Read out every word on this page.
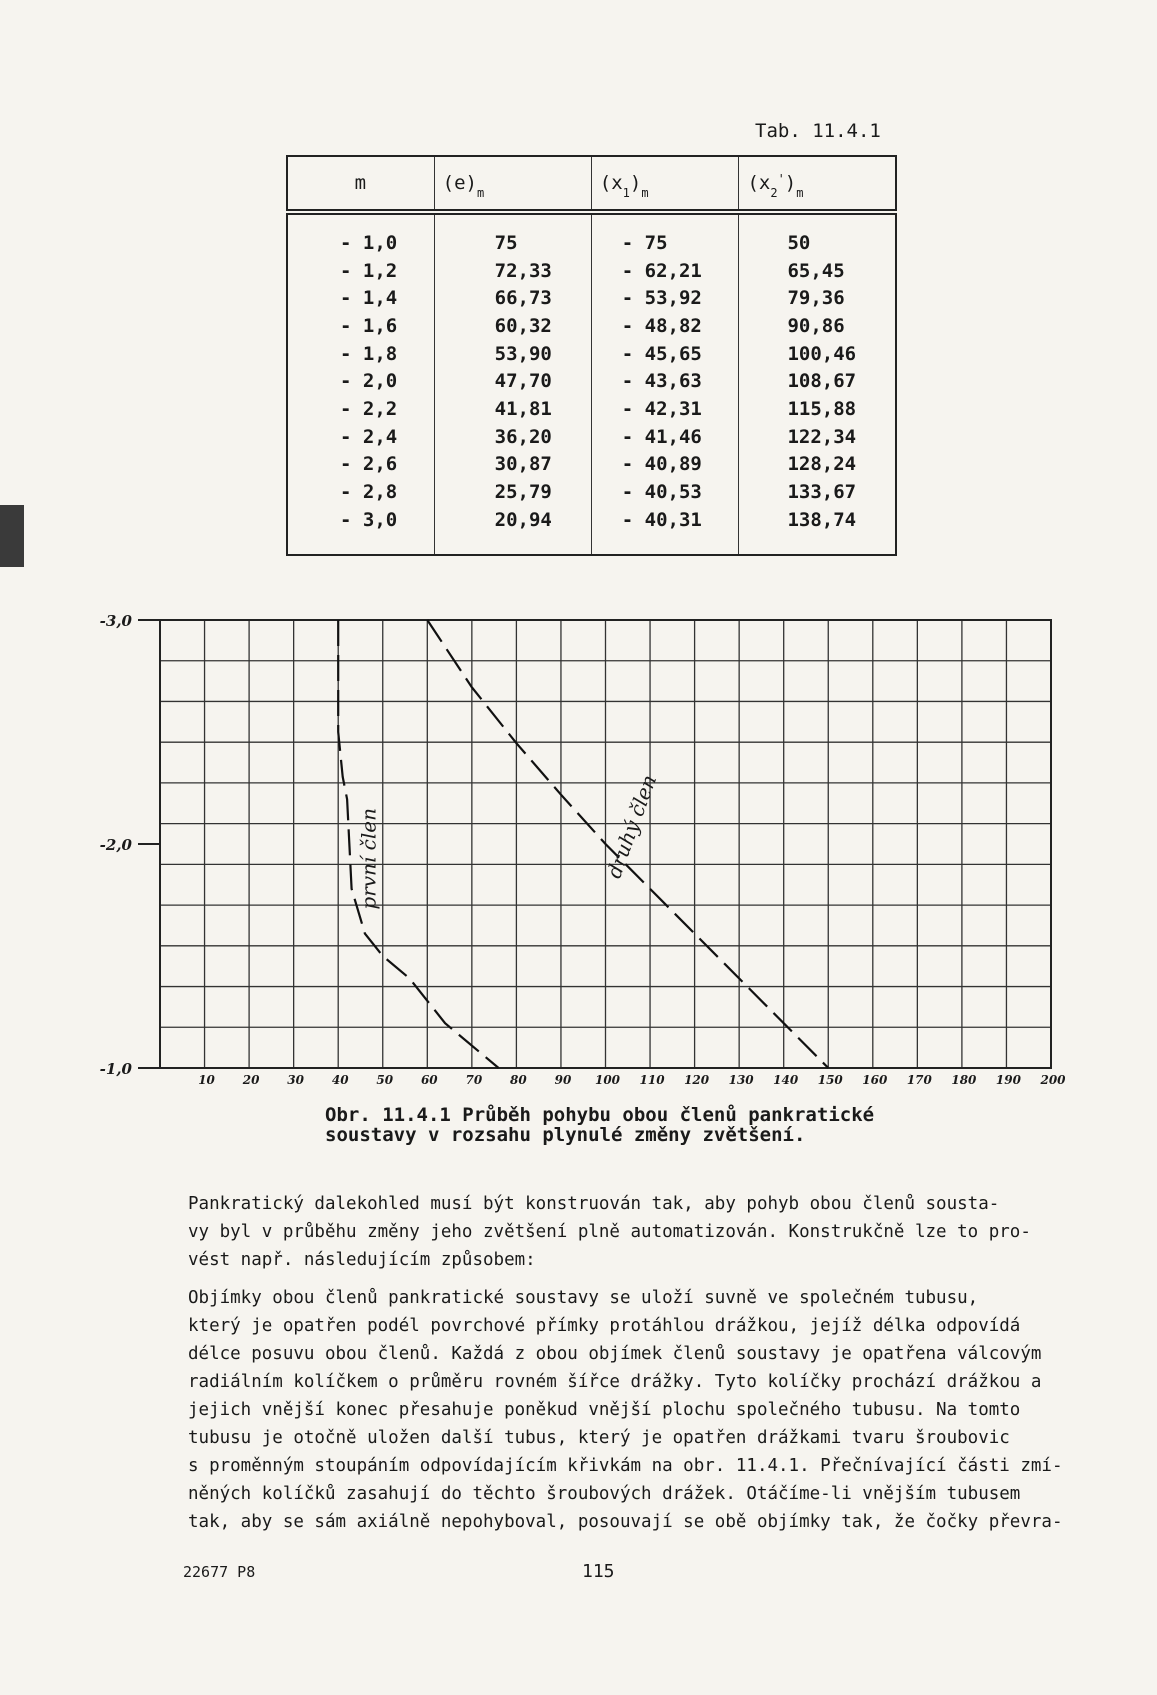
Tab. 11.4.1
m	$(e)_m$	$(x_1)_m$	$(x_2')_m$
- 1,0	75	- 75	50
- 1,2	72,33	- 62,21	65,45
- 1,4	66,73	- 53,92	79,36
- 1,6	60,32	- 48,82	90,86
- 1,8	53,90	- 45,65	100,46
- 2,0	47,70	- 43,63	108,67
- 2,2	41,81	- 42,31	115,88
- 2,4	36,20	- 41,46	122,34
- 2,6	30,87	- 40,89	128,24
- 2,8	25,79	- 40,53	133,67
- 3,0	20,94	- 40,31	138,74
-3,0
-2,0
-1,0
10 20 30 40 50 60 70 80 90 100 110 120 130 140 150 160 170 180 190 200
první člen	druhý člen
Obr. 11.4.1 Průběh pohybu obou členů pankratické
soustavy v rozsahu plynulé změny zvětšení.

Pankratický dalekohled musí být konstruován tak, aby pohyb obou členů sousta-
vy byl v průběhu změny jeho zvětšení plně automatizován. Konstrukčně lze to pro-
vést např. následujícím způsobem:

Objímky obou členů pankratické soustavy se uloží suvně ve společném tubusu,
který je opatřen podél povrchové přímky protáhlou drážkou, jejíž délka odpovídá
délce posuvu obou členů. Každá z obou objímek členů soustavy je opatřena válcovým
radiálním kolíčkem o průměru rovném šířce drážky. Tyto kolíčky prochází drážkou a
jejich vnější konec přesahuje poněkud vnější plochu společného tubusu. Na tomto
tubusu je otočně uložen další tubus, který je opatřen drážkami tvaru šroubovic
s proměnným stoupáním odpovídajícím křivkám na obr. 11.4.1. Přečnívající části zmí-
něných kolíčků zasahují do těchto šroubových drážek. Otáčíme-li vnějším tubusem
tak, aby se sám axiálně nepohyboval, posouvají se obě objímky tak, že čočky převra-

22677 P8	115
